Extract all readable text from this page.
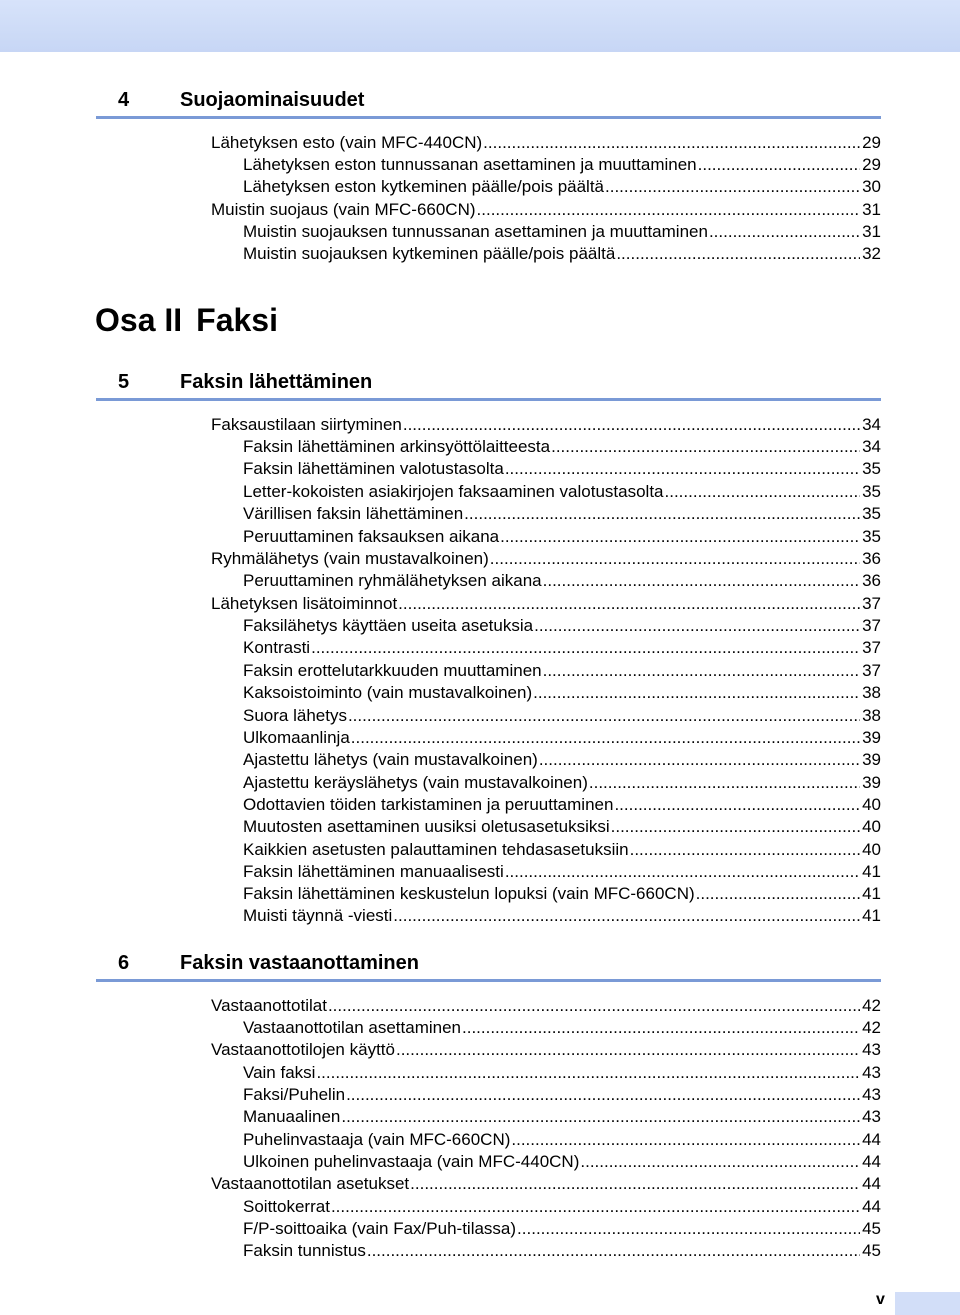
4	Suojaominaisuudet
Lähetyksen esto (vain MFC-440CN) .....	29
Lähetyksen eston tunnussanan asettaminen ja muuttaminen .....	29
Lähetyksen eston kytkeminen päälle/pois päältä .....	30
Muistin suojaus (vain MFC-660CN) .....	31
Muistin suojauksen tunnussanan asettaminen ja muuttaminen .....	31
Muistin suojauksen kytkeminen päälle/pois päältä .....	32
Osa II Faksi
5	Faksin lähettäminen
Faksaustilaan siirtyminen .....	34
Faksin lähettäminen arkinsyöttölaitteesta .....	34
Faksin lähettäminen valotustasolta .....	35
Letter-kokoisten asiakirjojen faksaaminen valotustasolta .....	35
Värillisen faksin lähettäminen .....	35
Peruuttaminen faksauksen aikana .....	35
Ryhmälähetys (vain mustavalkoinen) .....	36
Peruuttaminen ryhmälähetyksen aikana .....	36
Lähetyksen lisätoiminnot .....	37
Faksilähetys käyttäen useita asetuksia .....	37
Kontrasti .....	37
Faksin erottelutarkkuuden muuttaminen .....	37
Kaksoistoiminto (vain mustavalkoinen) .....	38
Suora lähetys .....	38
Ulkomaanlinja .....	39
Ajastettu lähetys (vain mustavalkoinen) .....	39
Ajastettu keräyslähetys (vain mustavalkoinen) .....	39
Odottavien töiden tarkistaminen ja peruuttaminen .....	40
Muutosten asettaminen uusiksi oletusasetuksiksi .....	40
Kaikkien asetusten palauttaminen tehdasasetuksiin .....	40
Faksin lähettäminen manuaalisesti .....	41
Faksin lähettäminen keskustelun lopuksi (vain MFC-660CN) .....	41
Muisti täynnä -viesti .....	41
6	Faksin vastaanottaminen
Vastaanottotilat .....	42
Vastaanottotilan asettaminen .....	42
Vastaanottotilojen käyttö .....	43
Vain faksi .....	43
Faksi/Puhelin .....	43
Manuaalinen .....	43
Puhelinvastaaja (vain MFC-660CN) .....	44
Ulkoinen puhelinvastaaja (vain MFC-440CN) .....	44
Vastaanottotilan asetukset .....	44
Soittokerrat .....	44
F/P-soittoaika (vain Fax/Puh-tilassa) .....	45
Faksin tunnistus .....	45
v
